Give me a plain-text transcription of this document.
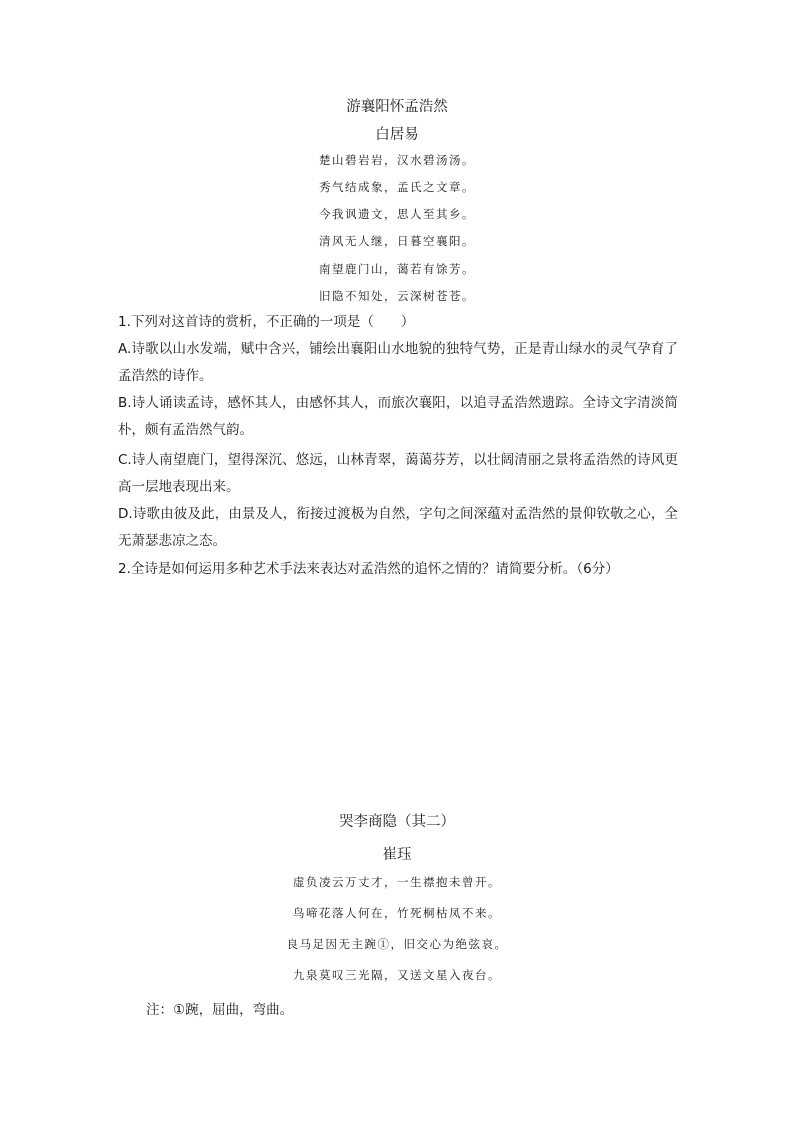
游襄阳怀孟浩然
白居易
楚山碧岩岩，汉水碧汤汤。
秀气结成象，孟氏之文章。
今我讽遗文，思人至其乡。
清风无人继，日暮空襄阳。
南望鹿门山，蔼若有馀芳。
旧隐不知处，云深树苍苍。
1.下列对这首诗的赏析，不正确的一项是（　　）
A.诗歌以山水发端，赋中含兴，铺绘出襄阳山水地貌的独特气势，正是青山绿水的灵气孕育了孟浩然的诗作。
B.诗人诵读孟诗，感怀其人，由感怀其人，而旅次襄阳，以追寻孟浩然遗踪。全诗文字清淡简朴，颇有孟浩然气韵。
C.诗人南望鹿门，望得深沉、悠远，山林青翠，蔼蔼芬芳，以壮阔清丽之景将孟浩然的诗风更高一层地表现出来。
D.诗歌由彼及此，由景及人，衔接过渡极为自然，字句之间深蕴对孟浩然的景仰钦敬之心，全无萧瑟悲凉之态。
2.全诗是如何运用多种艺术手法来表达对孟浩然的追怀之情的？请简要分析。（6分）
哭李商隐（其二）
崔珏
虚负凌云万丈才，一生襟抱未曾开。
鸟啼花落人何在，竹死桐枯凤不来。
良马足因无主踠①，旧交心为绝弦哀。
九泉莫叹三光隔，又送文星入夜台。
注：①踠，屈曲，弯曲。
